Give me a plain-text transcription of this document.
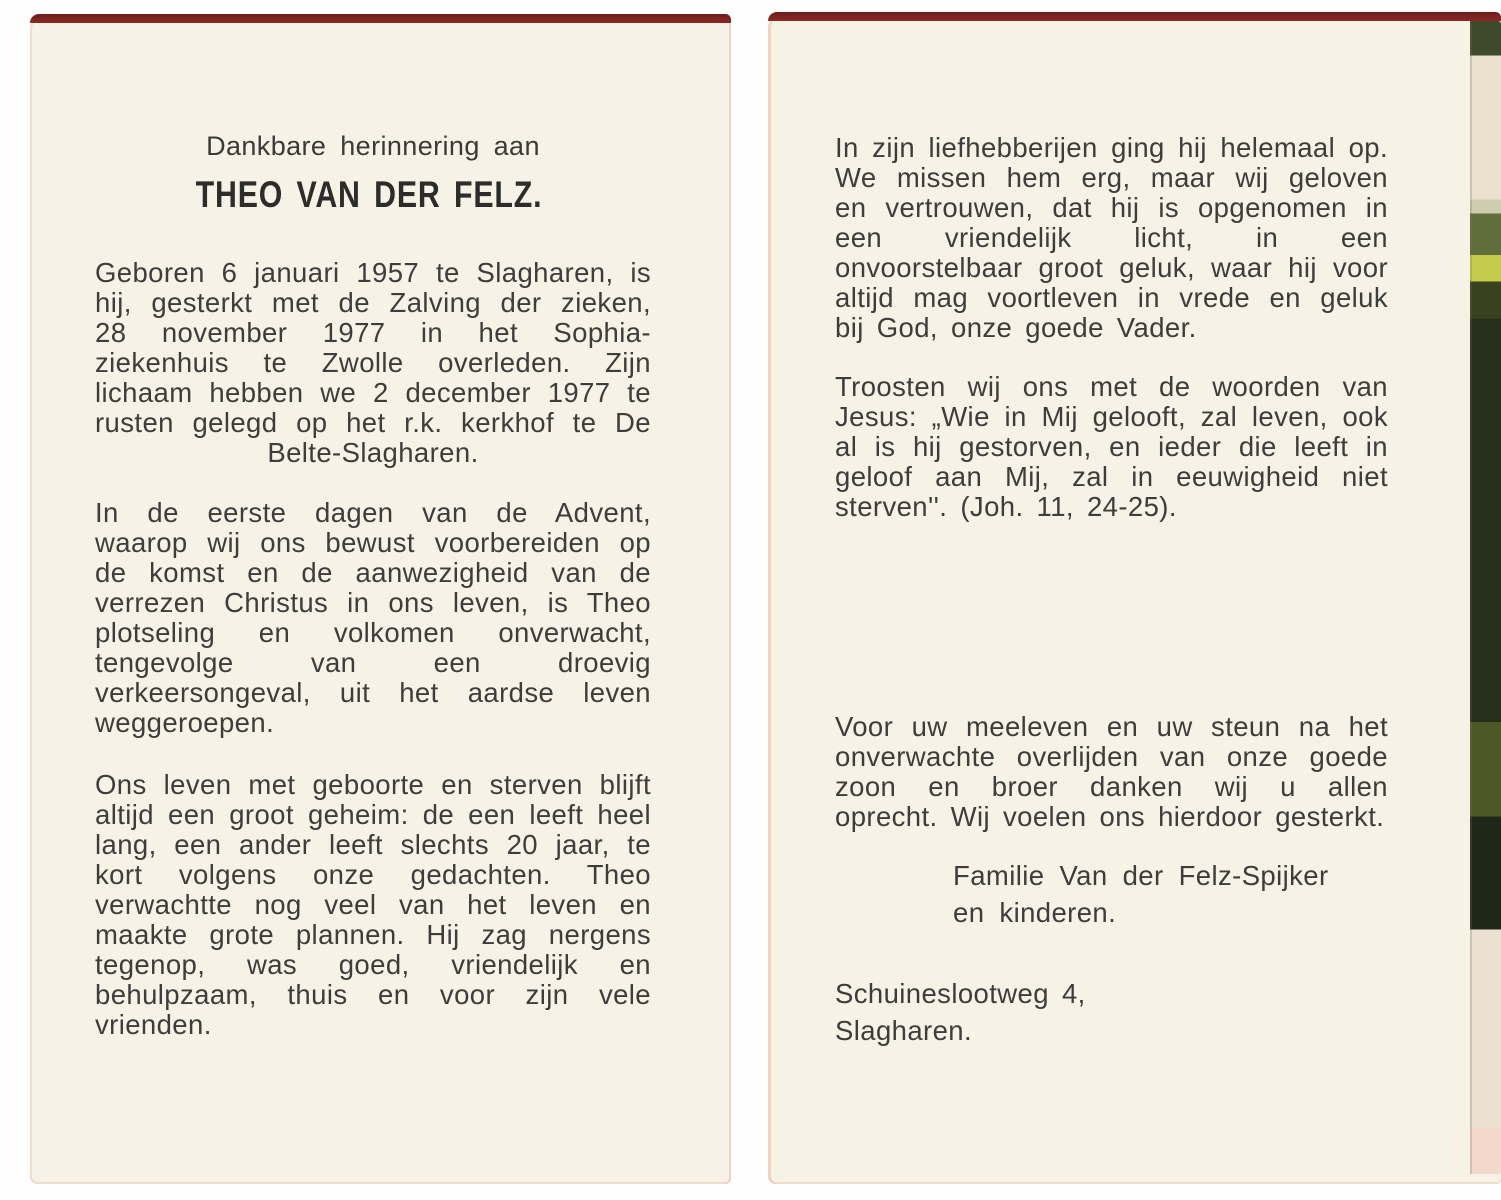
Dankbare herinnering aan
THEO VAN DER FELZ.
Geboren 6 januari 1957 te Slagharen, is hij, gesterkt met de Zalving der zieken, 28 november 1977 in het Sophia-ziekenhuis te Zwolle overleden. Zijn lichaam hebben we 2 december 1977 te rusten gelegd op het r.k. kerkhof te De Belte-Slagharen.
In de eerste dagen van de Advent, waarop wij ons bewust voorbereiden op de komst en de aanwezigheid van de verrezen Christus in ons leven, is Theo plotseling en volkomen onverwacht, tengevolge van een droevig verkeersongeval, uit het aardse leven weggeroepen.
Ons leven met geboorte en sterven blijft altijd een groot geheim: de een leeft heel lang, een ander leeft slechts 20 jaar, te kort volgens onze gedachten. Theo verwachtte nog veel van het leven en maakte grote plannen. Hij zag nergens tegenop, was goed, vriendelijk en behulpzaam, thuis en voor zijn vele vrienden.
In zijn liefhebberijen ging hij helemaal op. We missen hem erg, maar wij geloven en vertrouwen, dat hij is opgenomen in een vriendelijk licht, in een onvoorstelbaar groot geluk, waar hij voor altijd mag voortleven in vrede en geluk bij God, onze goede Vader.
Troosten wij ons met de woorden van Jesus: „Wie in Mij gelooft, zal leven, ook al is hij gestorven, en ieder die leeft in geloof aan Mij, zal in eeuwigheid niet sterven''. (Joh. 11, 24-25).
Voor uw meeleven en uw steun na het onverwachte overlijden van onze goede zoon en broer danken wij u allen oprecht. Wij voelen ons hierdoor gesterkt.
Familie Van der Felz-Spijker
en kinderen.
Schuineslootweg 4,
Slagharen.
